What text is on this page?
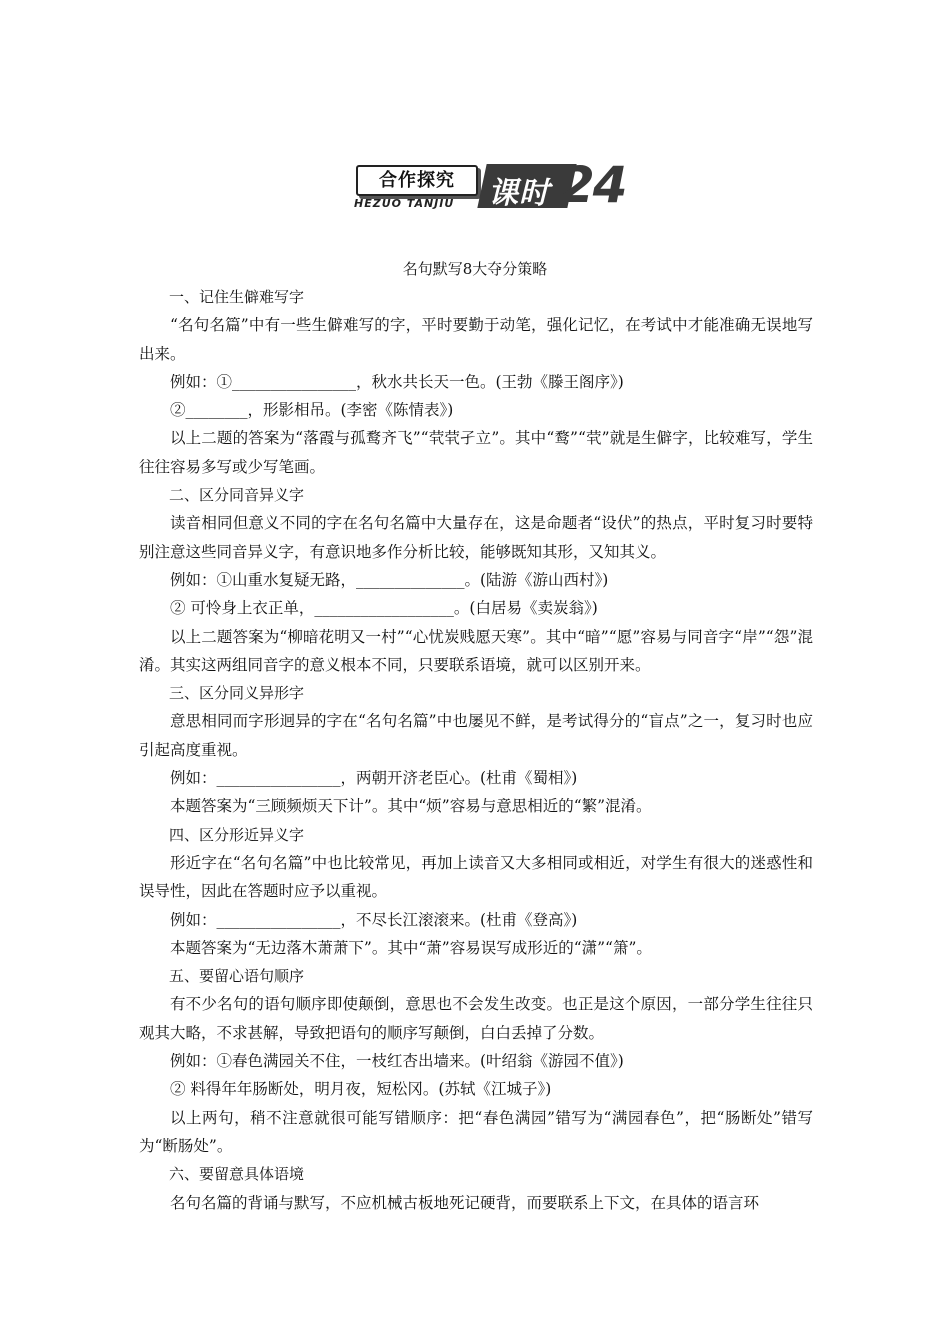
合作探究
HEZUO TANJIU 课时 24
名句默写8大夺分策略

一、记住生僻难写字

“名句名篇”中有一些生僻难写的字，平时要勤于动笔，强化记忆，在考试中才能准确无误地写出来。

例如：①________________，秋水共长天一色。(王勃《滕王阁序》)

②________，形影相吊。(李密《陈情表》)

以上二题的答案为“落霞与孤鹜齐飞”“茕茕孑立”。其中“鹜”“茕”就是生僻字，比较难写，学生往往容易多写或少写笔画。

二、区分同音异义字

读音相同但意义不同的字在名句名篇中大量存在，这是命题者“设伏”的热点，平时复习时要特别注意这些同音异义字，有意识地多作分析比较，能够既知其形，又知其义。

例如：①山重水复疑无路，______________。(陆游《游山西村》)

② 可怜身上衣正单，__________________。(白居易《卖炭翁》)

以上二题答案为“柳暗花明又一村”“心忧炭贱愿天寒”。其中“暗”“愿”容易与同音字“岸”“怨”混淆。其实这两组同音字的意义根本不同，只要联系语境，就可以区别开来。

三、区分同义异形字

意思相同而字形迥异的字在“名句名篇”中也屡见不鲜，是考试得分的“盲点”之一，复习时也应引起高度重视。

例如：________________，两朝开济老臣心。(杜甫《蜀相》)

本题答案为“三顾频烦天下计”。其中“烦”容易与意思相近的“繁”混淆。

四、区分形近异义字

形近字在“名句名篇”中也比较常见，再加上读音又大多相同或相近，对学生有很大的迷惑性和误导性，因此在答题时应予以重视。

例如：________________，不尽长江滚滚来。(杜甫《登高》)

本题答案为“无边落木萧萧下”。其中“萧”容易误写成形近的“潇”“箫”。

五、要留心语句顺序

有不少名句的语句顺序即使颠倒，意思也不会发生改变。也正是这个原因，一部分学生往往只观其大略，不求甚解，导致把语句的顺序写颠倒，白白丢掉了分数。

例如：①春色满园关不住，一枝红杏出墙来。(叶绍翁《游园不值》)

② 料得年年肠断处，明月夜，短松冈。(苏轼《江城子》)

以上两句，稍不注意就很可能写错顺序：把“春色满园”错写为“满园春色”，把“肠断处”错写为“断肠处”。

六、要留意具体语境

名句名篇的背诵与默写，不应机械古板地死记硬背，而要联系上下文，在具体的语言环
